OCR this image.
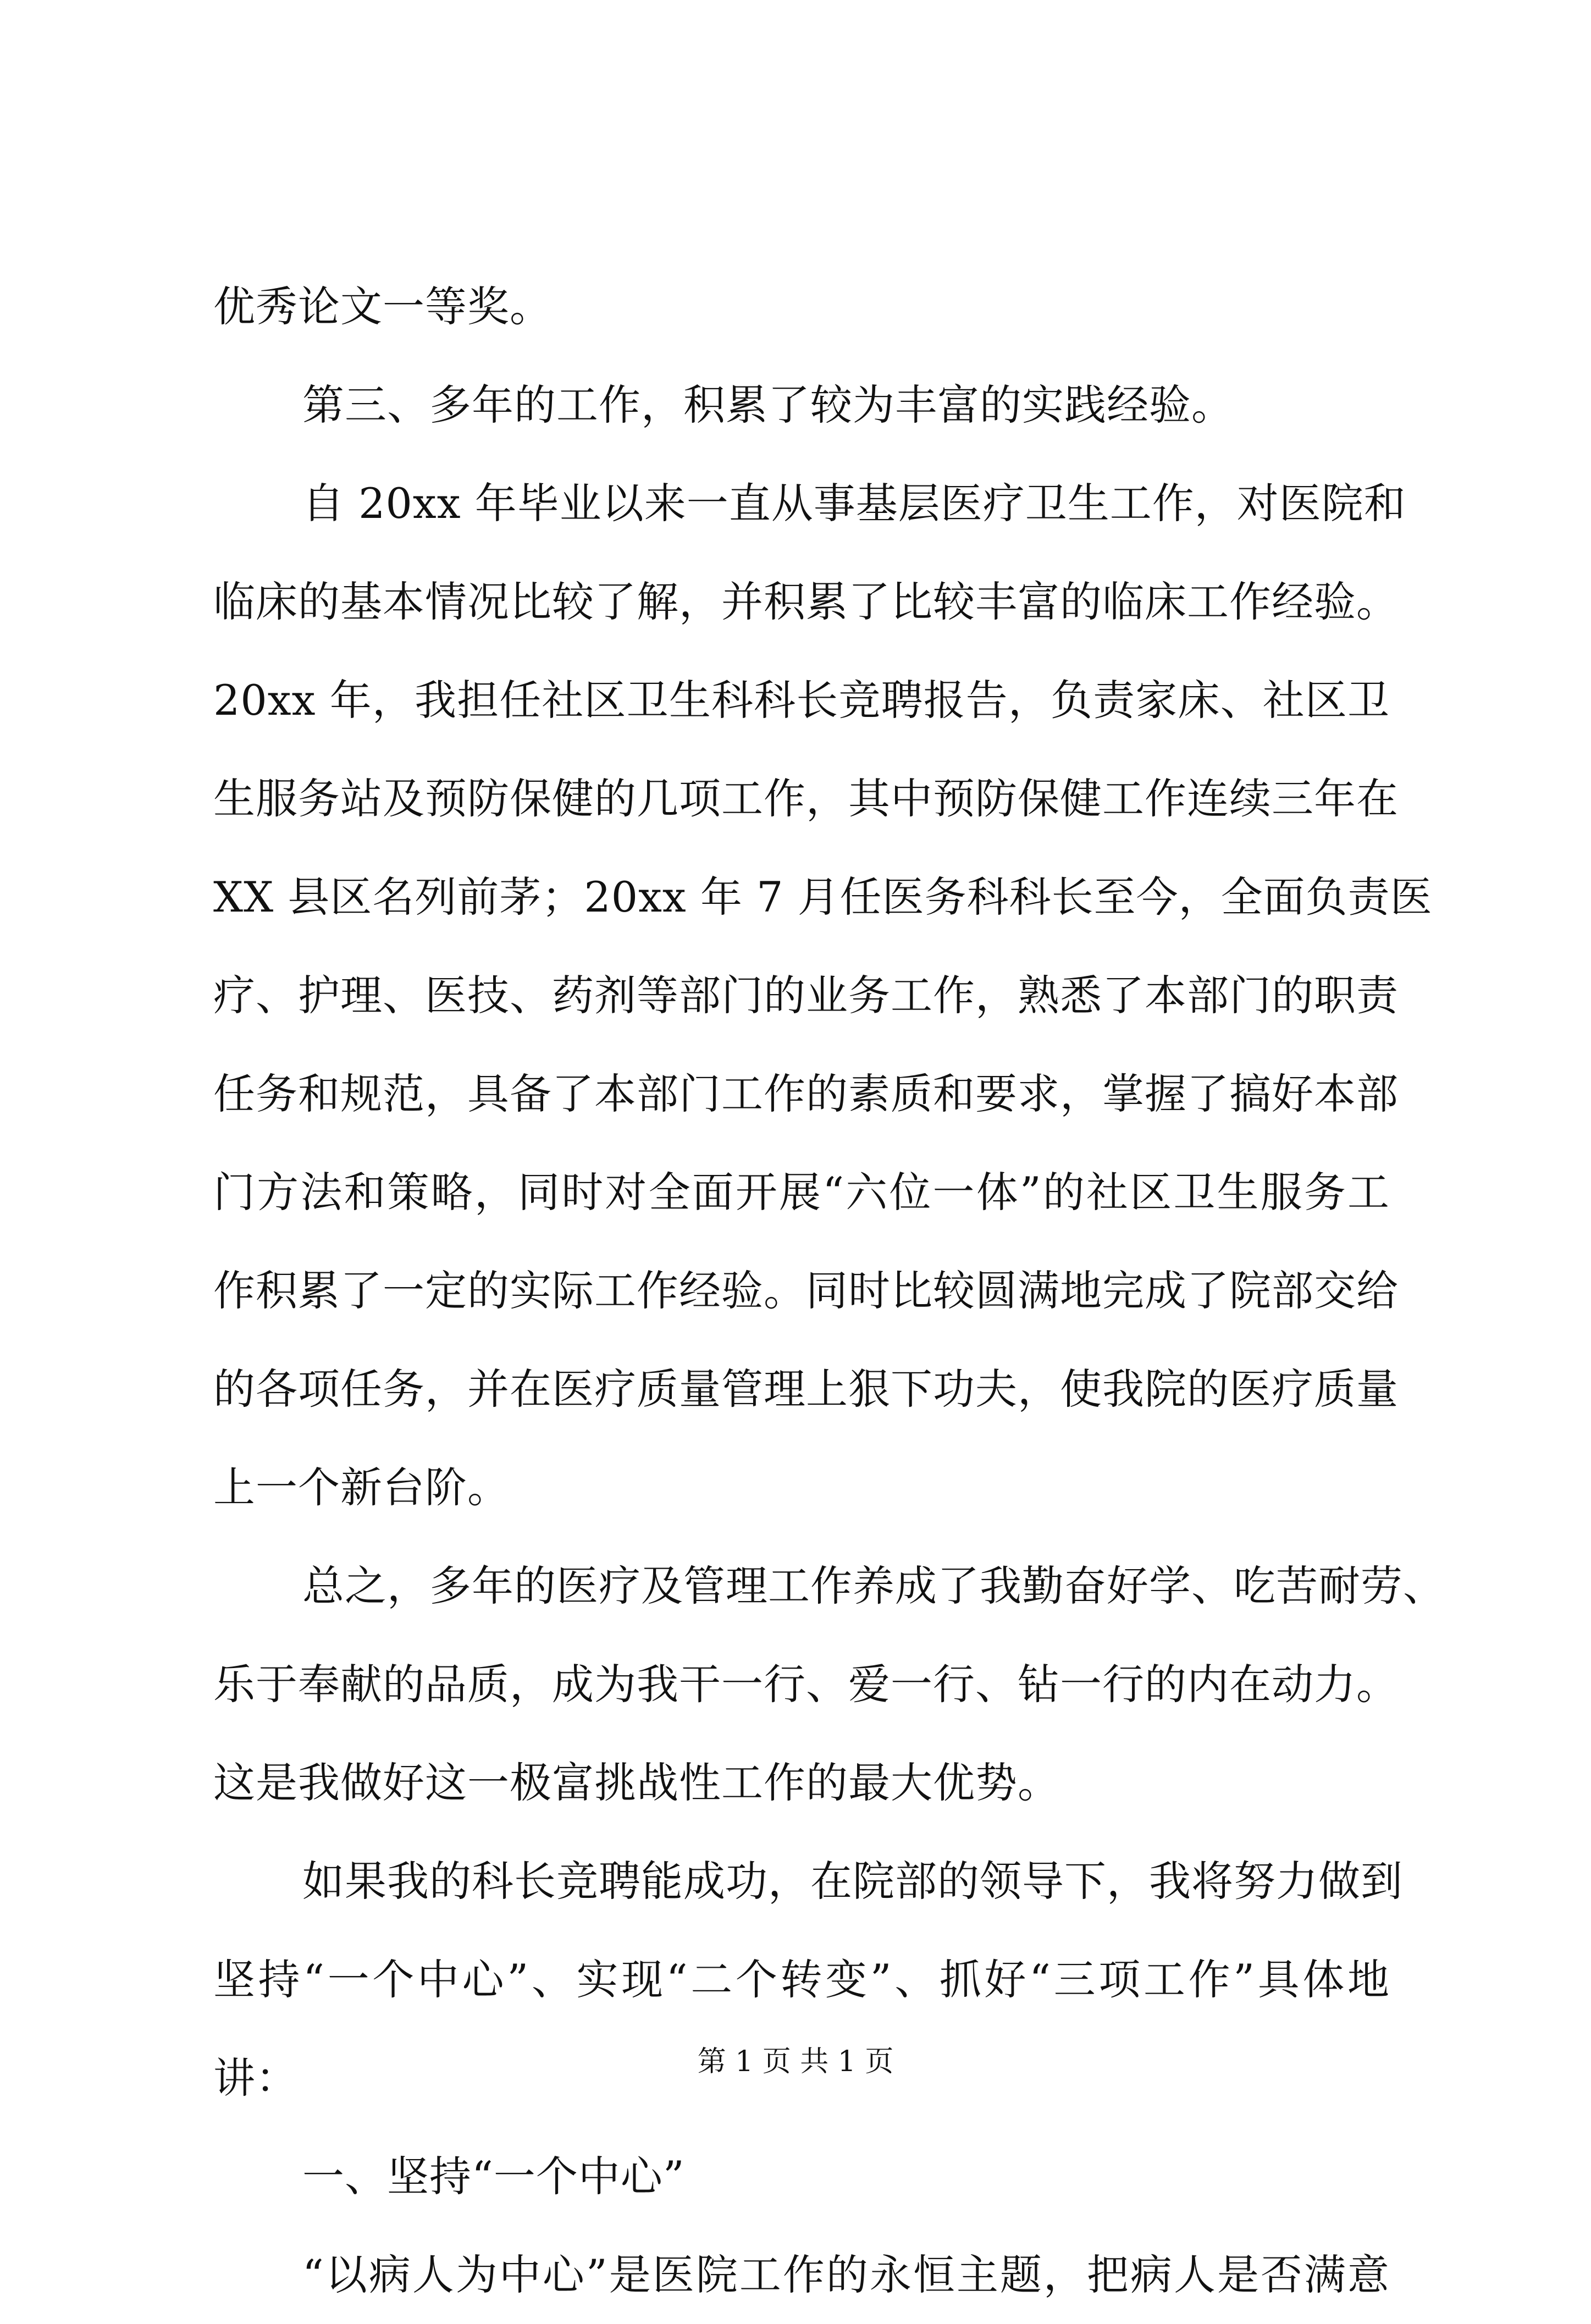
优秀论文一等奖。
第三、多年的工作，积累了较为丰富的实践经验。
自 20xx 年毕业以来一直从事基层医疗卫生工作，对医院和
临床的基本情况比较了解，并积累了比较丰富的临床工作经验。
20xx 年，我担任社区卫生科科长竞聘报告，负责家床、社区卫
生服务站及预防保健的几项工作，其中预防保健工作连续三年在
XX 县区名列前茅；20xx 年 7 月任医务科科长至今，全面负责医
疗、护理、医技、药剂等部门的业务工作，熟悉了本部门的职责
任务和规范，具备了本部门工作的素质和要求，掌握了搞好本部
门方法和策略，同时对全面开展“六位一体”的社区卫生服务工
作积累了一定的实际工作经验。同时比较圆满地完成了院部交给
的各项任务，并在医疗质量管理上狠下功夫，使我院的医疗质量
上一个新台阶。
总之，多年的医疗及管理工作养成了我勤奋好学、吃苦耐劳、
乐于奉献的品质，成为我干一行、爱一行、钻一行的内在动力。
这是我做好这一极富挑战性工作的最大优势。
如果我的科长竞聘能成功，在院部的领导下，我将努力做到
坚持“一个中心”、实现“二个转变”、抓好“三项工作”具体地
讲：
一、坚持“一个中心”
“以病人为中心”是医院工作的永恒主题，把病人是否满意
第 1 页 共 1 页
